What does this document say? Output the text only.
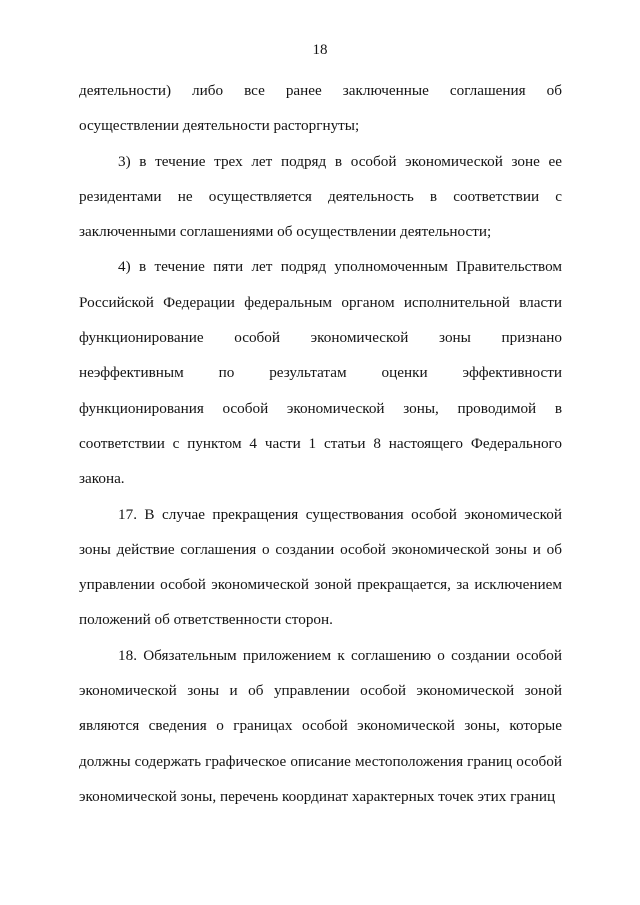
18

деятельности) либо все ранее заключенные соглашения об осуществлении деятельности расторгнуты;

3) в течение трех лет подряд в особой экономической зоне ее резидентами не осуществляется деятельность в соответствии с заключенными соглашениями об осуществлении деятельности;

4) в течение пяти лет подряд уполномоченным Правительством Российской Федерации федеральным органом исполнительной власти функционирование особой экономической зоны признано неэффективным по результатам оценки эффективности функционирования особой экономической зоны, проводимой в соответствии с пунктом 4 части 1 статьи 8 настоящего Федерального закона.

17. В случае прекращения существования особой экономической зоны действие соглашения о создании особой экономической зоны и об управлении особой экономической зоной прекращается, за исключением положений об ответственности сторон.

18. Обязательным приложением к соглашению о создании особой экономической зоны и об управлении особой экономической зоной являются сведения о границах особой экономической зоны, которые должны содержать графическое описание местоположения границ особой экономической зоны, перечень координат характерных точек этих границ
